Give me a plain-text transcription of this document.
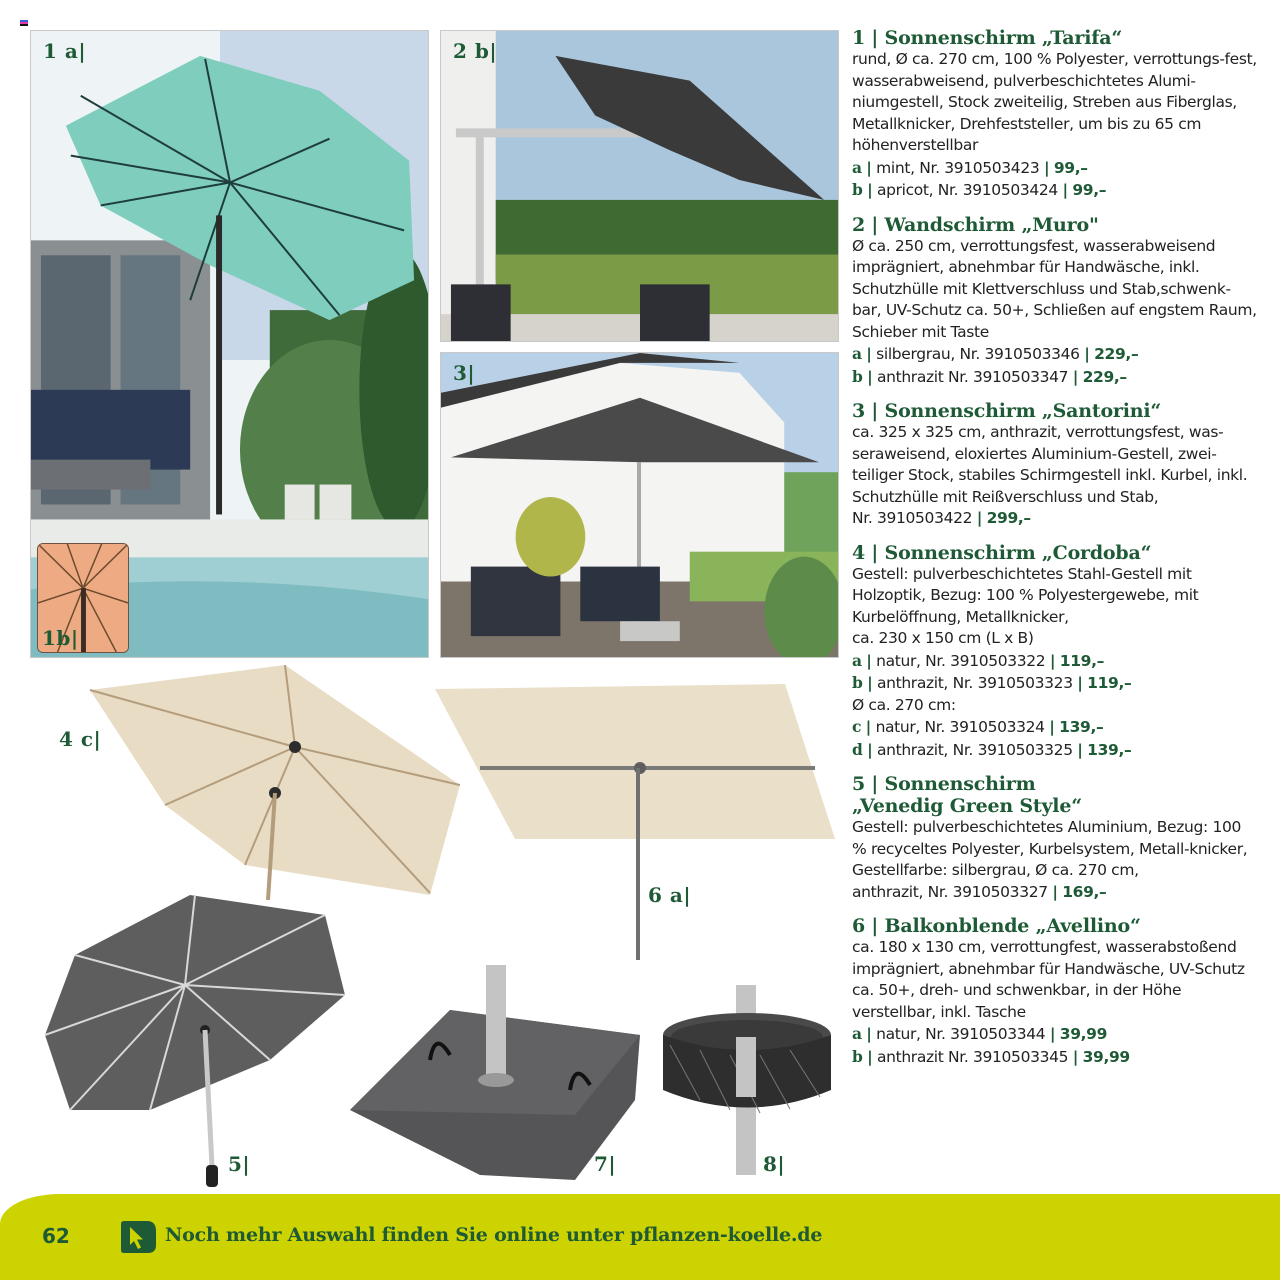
1 a|
1b|
2 b|
3|
4 c|
6 a|
5|	7|	8|
1 | Sonnenschirm „Tarifa“
rund, Ø ca. 270 cm, 100 % Polyester, verrottungs-fest, wasserabweisend, pulverbeschichtetes Alumi-niumgestell, Stock zweiteilig, Streben aus Fiberglas, Metallknicker, Drehfeststeller, um bis zu 65 cm höhenverstellbar
a | mint, Nr. 3910503423 | 99,–
b | apricot, Nr. 3910503424 | 99,–
2 | Wandschirm „Muro"
Ø ca. 250 cm, verrottungsfest, wasserabweisend imprägniert, abnehmbar für Handwäsche, inkl. Schutzhülle mit Klettverschluss und Stab,schwenk-bar, UV-Schutz ca. 50+, Schließen auf engstem Raum, Schieber mit Taste
a | silbergrau, Nr. 3910503346 | 229,–
b | anthrazit Nr. 3910503347 | 229,–
3 | Sonnenschirm „Santorini“
ca. 325 x 325 cm, anthrazit, verrottungsfest, was-seraweisend, eloxiertes Aluminium-Gestell, zwei-teiliger Stock, stabiles Schirmgestell inkl. Kurbel, inkl. Schutzhülle mit Reißverschluss und Stab,
Nr. 3910503422 | 299,–
4 | Sonnenschirm „Cordoba“
Gestell: pulverbeschichtetes Stahl-Gestell mit Holzoptik, Bezug: 100 % Polyestergewebe, mit Kurbelöffnung, Metallknicker,
ca. 230 x 150 cm (L x B)
a | natur, Nr. 3910503322 | 119,–
b | anthrazit, Nr. 3910503323 | 119,–
Ø ca. 270 cm:
c | natur, Nr. 3910503324 | 139,–
d | anthrazit, Nr. 3910503325 | 139,–
5 | Sonnenschirm
„Venedig Green Style“
Gestell: pulverbeschichtetes Aluminium, Bezug: 100 % recyceltes Polyester, Kurbelsystem, Metall-knicker, Gestellfarbe: silbergrau, Ø ca. 270 cm,
anthrazit, Nr. 3910503327 | 169,–
6 | Balkonblende „Avellino“
ca. 180 x 130 cm, verrottungfest, wasserabstoßend imprägniert, abnehmbar für Handwäsche, UV-Schutz ca. 50+, dreh- und schwenkbar, in der Höhe verstellbar, inkl. Tasche
a | natur, Nr. 3910503344 | 39,99
b | anthrazit Nr. 3910503345 | 39,99
62	Noch mehr Auswahl finden Sie online unter pflanzen-koelle.de
